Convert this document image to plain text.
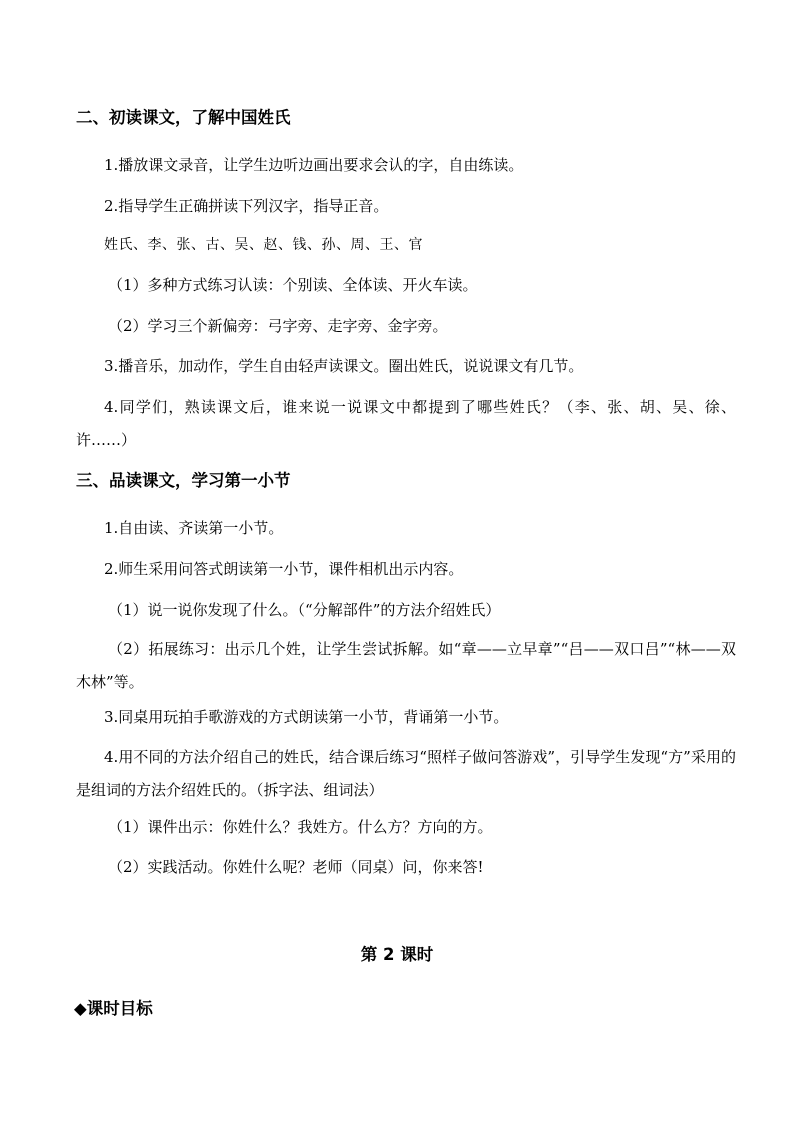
二、初读课文，了解中国姓氏

1.播放课文录音，让学生边听边画出要求会认的字，自由练读。

2.指导学生正确拼读下列汉字，指导正音。

姓氏、李、张、古、吴、赵、钱、孙、周、王、官

（1）多种方式练习认读：个别读、全体读、开火车读。

（2）学习三个新偏旁：弓字旁、走字旁、金字旁。

3.播音乐，加动作，学生自由轻声读课文。圈出姓氏，说说课文有几节。

4.同学们，熟读课文后，谁来说一说课文中都提到了哪些姓氏？（李、张、胡、吴、徐、许……）

三、品读课文，学习第一小节

1.自由读、齐读第一小节。

2.师生采用问答式朗读第一小节，课件相机出示内容。

（1）说一说你发现了什么。（“分解部件”的方法介绍姓氏）

（2）拓展练习：出示几个姓，让学生尝试拆解。如“章——立早章”“吕——双口吕”“林——双木林”等。

3.同桌用玩拍手歌游戏的方式朗读第一小节，背诵第一小节。

4.用不同的方法介绍自己的姓氏，结合课后练习“照样子做问答游戏”，引导学生发现“方”采用的是组词的方法介绍姓氏的。（拆字法、组词法）

（1）课件出示：你姓什么？我姓方。什么方？方向的方。

（2）实践活动。你姓什么呢？老师（同桌）问，你来答!

第 2 课时

◆课时目标
